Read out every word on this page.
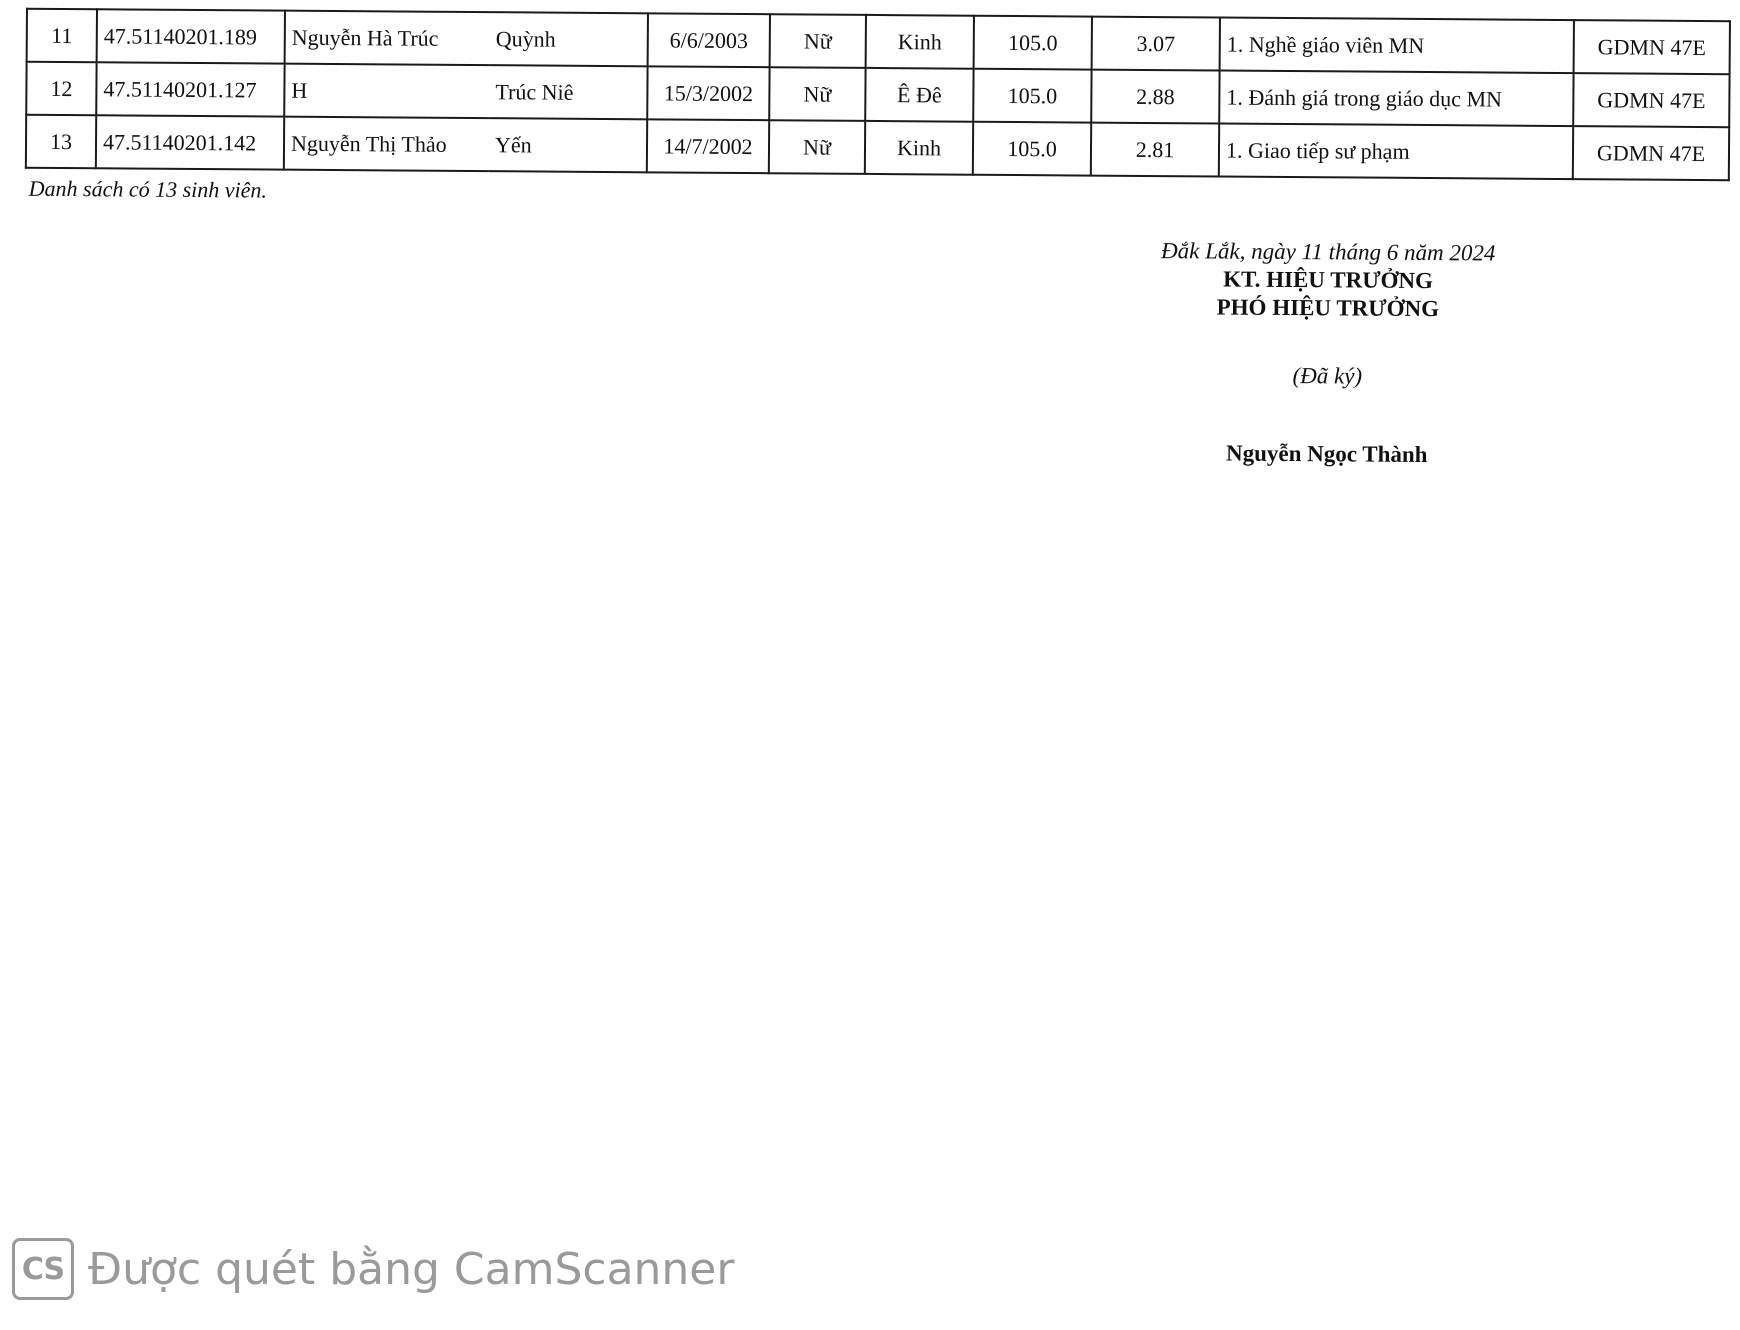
11	47.51140201.189	Nguyễn Hà Trúc	Quỳnh	6/6/2003	Nữ	Kinh	105.0	3.07	1. Nghề giáo viên MN	GDMN 47E
12	47.51140201.127	H	Trúc Niê	15/3/2002	Nữ	Ê Đê	105.0	2.88	1. Đánh giá trong giáo dục MN	GDMN 47E
13	47.51140201.142	Nguyễn Thị Thảo	Yến	14/7/2002	Nữ	Kinh	105.0	2.81	1. Giao tiếp sư phạm	GDMN 47E
Danh sách có 13 sinh viên.
Đắk Lắk, ngày 11 tháng 6 năm 2024
KT. HIỆU TRƯỞNG
PHÓ HIỆU TRƯỞNG
(Đã ký)
Nguyễn Ngọc Thành
CS Được quét bằng CamScanner
